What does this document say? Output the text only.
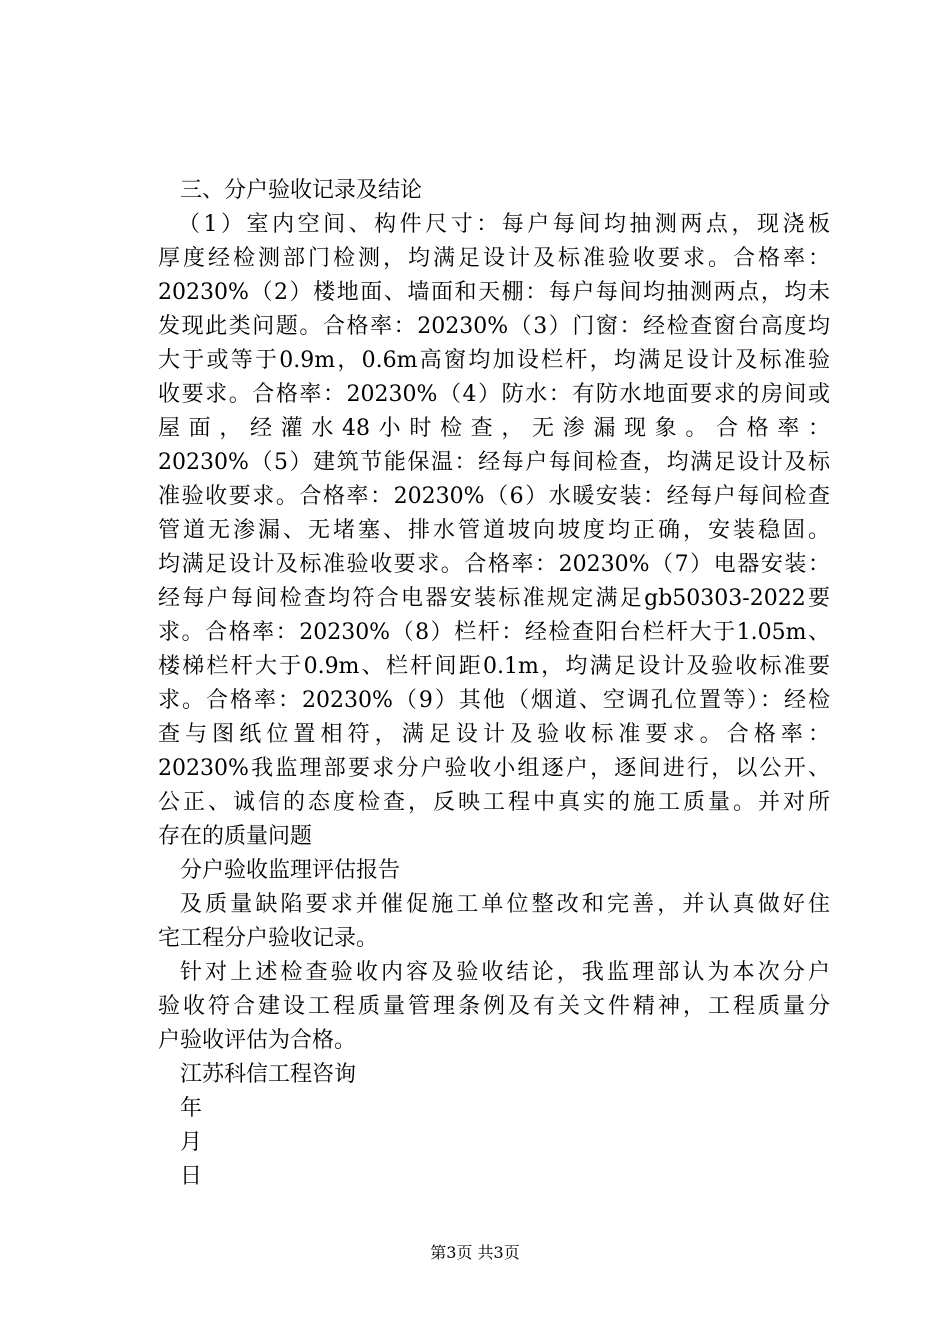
三、分户验收记录及结论
（1）室内空间、构件尺寸：每户每间均抽测两点，现浇板
厚度经检测部门检测，均满足设计及标准验收要求。合格率：
20230%（2）楼地面、墙面和天棚：每户每间均抽测两点，均未
发现此类问题。合格率：20230%（3）门窗：经检查窗台高度均
大于或等于0.9m，0.6m高窗均加设栏杆，均满足设计及标准验
收要求。合格率：20230%（4）防水：有防水地面要求的房间或
屋面，经灌水48小时检查，无渗漏现象。合格率：
20230%（5）建筑节能保温：经每户每间检查，均满足设计及标
准验收要求。合格率：20230%（6）水暖安装：经每户每间检查
管道无渗漏、无堵塞、排水管道坡向坡度均正确，安装稳固。
均满足设计及标准验收要求。合格率：20230%（7）电器安装：
经每户每间检查均符合电器安装标准规定满足gb50303-2022要
求。合格率：20230%（8）栏杆：经检查阳台栏杆大于1.05m、
楼梯栏杆大于0.9m、栏杆间距0.1m，均满足设计及验收标准要
求。合格率：20230%（9）其他（烟道、空调孔位置等）：经检
查与图纸位置相符，满足设计及验收标准要求。合格率：
20230%我监理部要求分户验收小组逐户，逐间进行，以公开、
公正、诚信的态度检查，反映工程中真实的施工质量。并对所
存在的质量问题
分户验收监理评估报告
及质量缺陷要求并催促施工单位整改和完善，并认真做好住
宅工程分户验收记录。
针对上述检查验收内容及验收结论，我监理部认为本次分户
验收符合建设工程质量管理条例及有关文件精神，工程质量分
户验收评估为合格。
江苏科信工程咨询
年
月
日
第3页 共3页
